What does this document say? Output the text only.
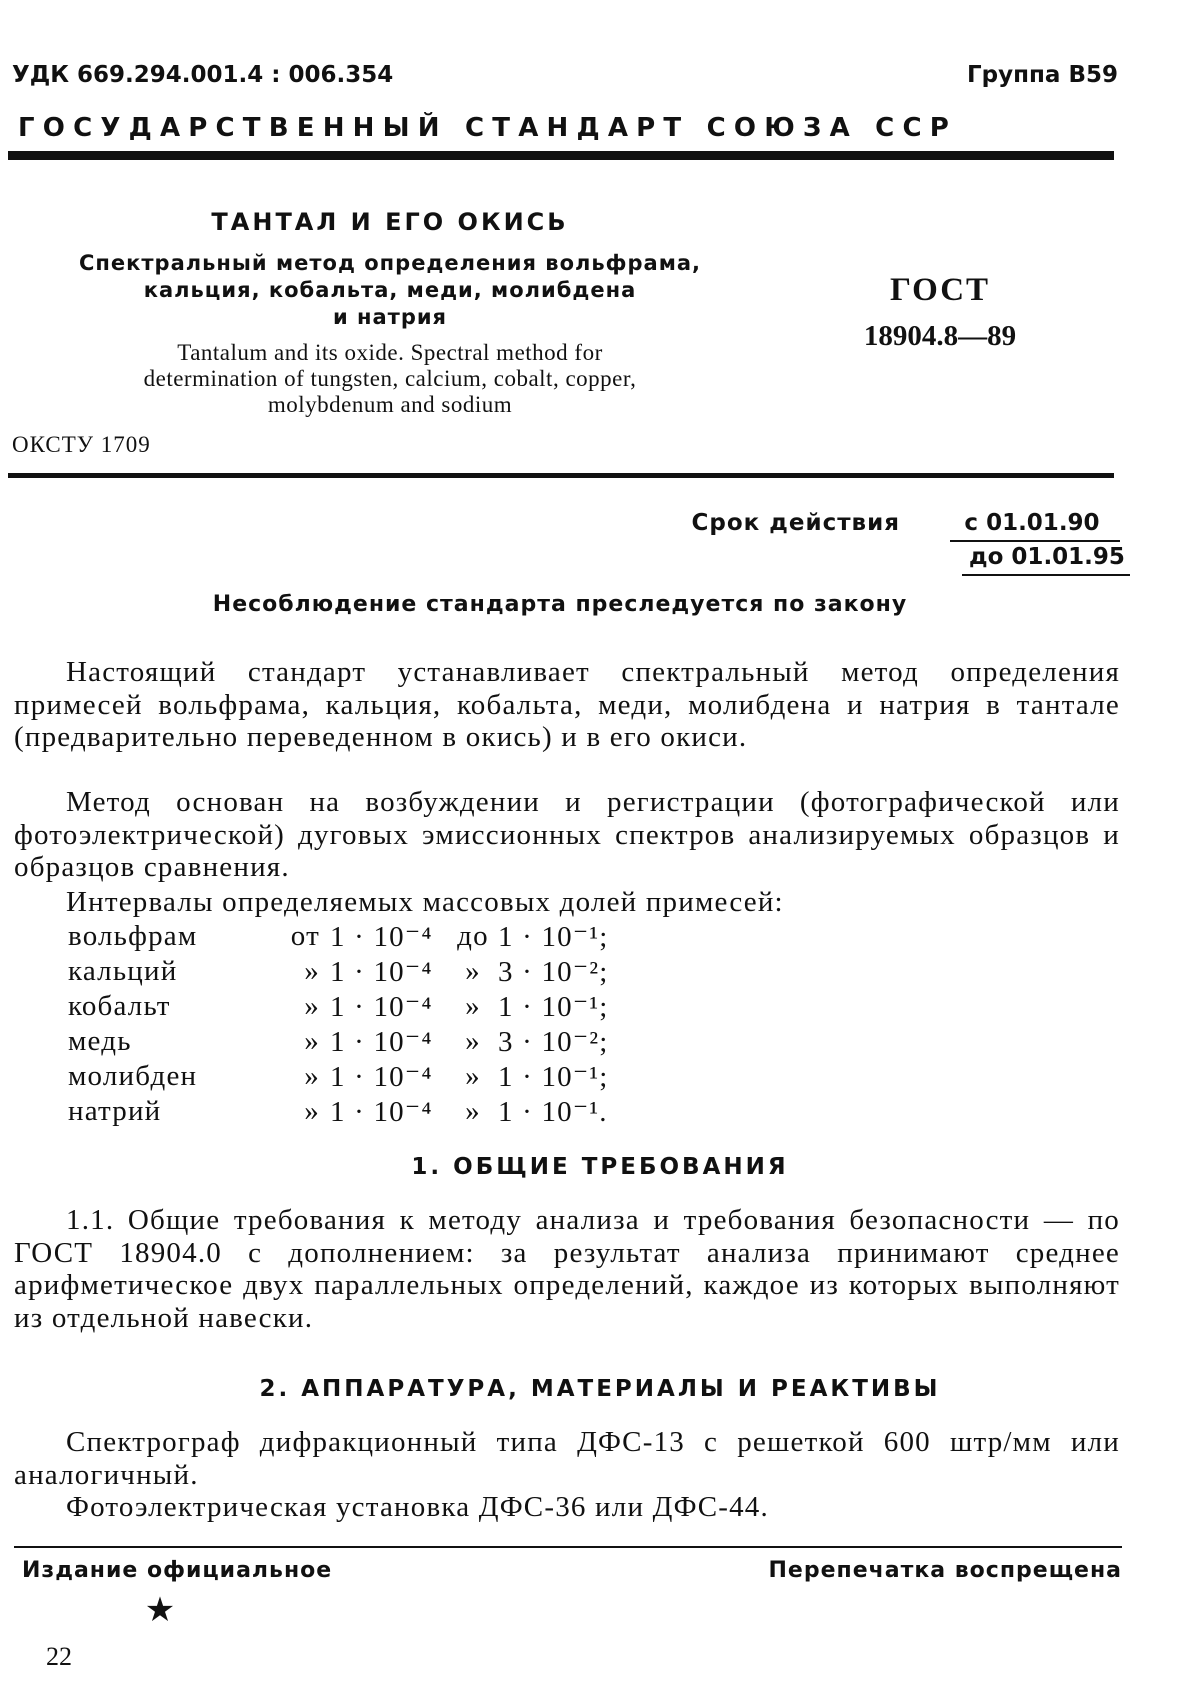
УДК 669.294.001.4 : 006.354	Группа В59
ГОСУДАРСТВЕННЫЙ СТАНДАРТ СОЮЗА ССР
ТАНТАЛ И ЕГО ОКИСЬ
Спектральный метод определения вольфрама,
кальция, кобальта, меди, молибдена
и натрия
Tantalum and its oxide. Spectral method for
determination of tungsten, calcium, cobalt, copper,
molybdenum and sodium
ГОСТ
18904.8—89
ОКСТУ 1709
Срок действия	с 01.01.90
до 01.01.95
Несоблюдение стандарта преследуется по закону

Настоящий стандарт устанавливает спектральный метод определения примесей вольфрама, кальция, кобальта, меди, молибдена и натрия в тантале (предварительно переведенном в окись) и в его окиси.

Метод основан на возбуждении и регистрации (фотографической или фотоэлектрической) дуговых эмиссионных спектров анализируемых образцов и образцов сравнения.

Интервалы определяемых массовых долей примесей:

вольфрам	от	1 · 10⁻⁴	до	1 · 10⁻¹;
кальций	»	1 · 10⁻⁴	»	3 · 10⁻²;
кобальт	»	1 · 10⁻⁴	»	1 · 10⁻¹;
медь	»	1 · 10⁻⁴	»	3 · 10⁻²;
молибден	»	1 · 10⁻⁴	»	1 · 10⁻¹;
натрий	»	1 · 10⁻⁴	»	1 · 10⁻¹.
1. ОБЩИЕ ТРЕБОВАНИЯ

1.1. Общие требования к методу анализа и требования безопасности — по ГОСТ 18904.0 с дополнением: за результат анализа принимают среднее арифметическое двух параллельных определений, каждое из которых выполняют из отдельной навески.

2. АППАРАТУРА, МАТЕРИАЛЫ И РЕАКТИВЫ

Спектрограф дифракционный типа ДФС-13 с решеткой 600 штр/мм или аналогичный.

Фотоэлектрическая установка ДФС-36 или ДФС-44.

Издание официальное	Перепечатка воспрещена
★
22
